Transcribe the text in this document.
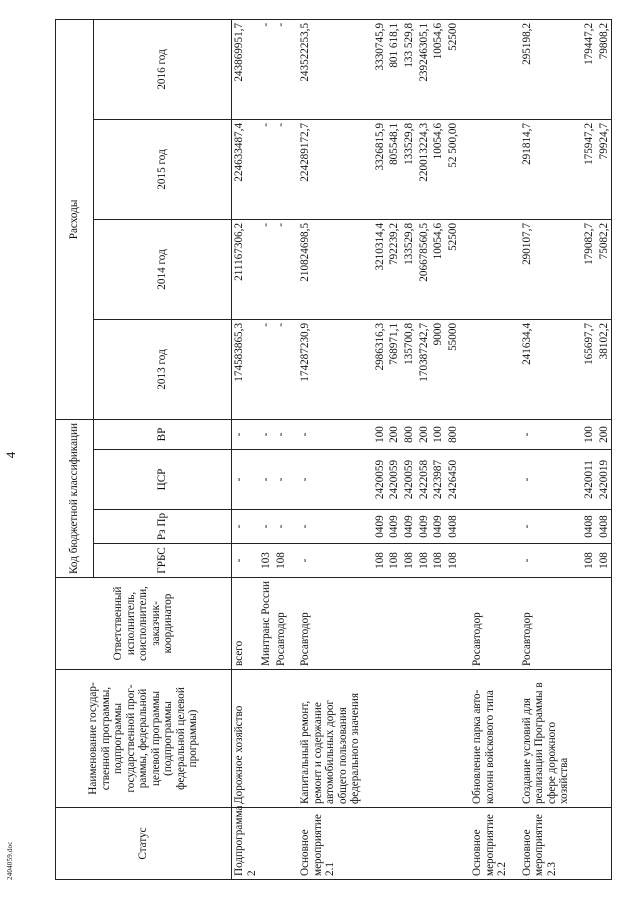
4
2404059.doc	Статус	Наименование государ-ственной программы, подпрограммы государственной прог-раммы, федеральной целевой программы (подпрограммы федеральной целевой программы)	Ответственный исполнитель, соисполнители, заказчик-координатор	Код бюджетной классификации				Расходы			
			ГРБС	Рз Пр	ЦСР	ВР	2013 год	2014 год	2015 год	2016 год
Подпрограмма 2	Дорожное хозяйство	всего	-	-	-	-	174583865,3	211167306,2	224633487,4	243869951,7
		Минтранс России	103	-	-	-	-	-	-	-
		Росавтодор	108	-	-	-	-	-	-	-

Основное мероприятие 2.1	Капитальный ремонт, ремонт и содержание автомобильных дорог общего пользования федерального значения	Росавтодор	-	-	-	-	174287230,9	210824698,5	224289172,7	243522253,5

			108	0409	2420059	100	2986316,3	3210314,4	3326815,9	3330745,9
			108	0409	2420059	200	768971,1	792239,2	805548,1	801 618,1
			108	0409	2420059	800	135700,8	133529,8	133529,8	133 529,8
			108	0409	2422058	200	170387242,7	206678560,5	220013224,3	239246305,1
			108	0409	2423987	100	9000	10054,6	10054,6	10054,6
			108	0408	2426450	800	55000	52500	52 500,00	52500

Основное мероприятие 2.2	Обновление парка авто-колонн войскового типа	Росавтодор								

Основное мероприятие 2.3	Создание условий для реализации Программы в сфере дорожного хозяйства	Росавтодор	-	-	-	-	241634,4	290107,7	291814,7	295198,2

			108	0408	2420011	100	165697,7	179082,7	175947,2	179447,2
			108	0408	2420019	200	38102,2	75082,2	79924,7	79808,2
